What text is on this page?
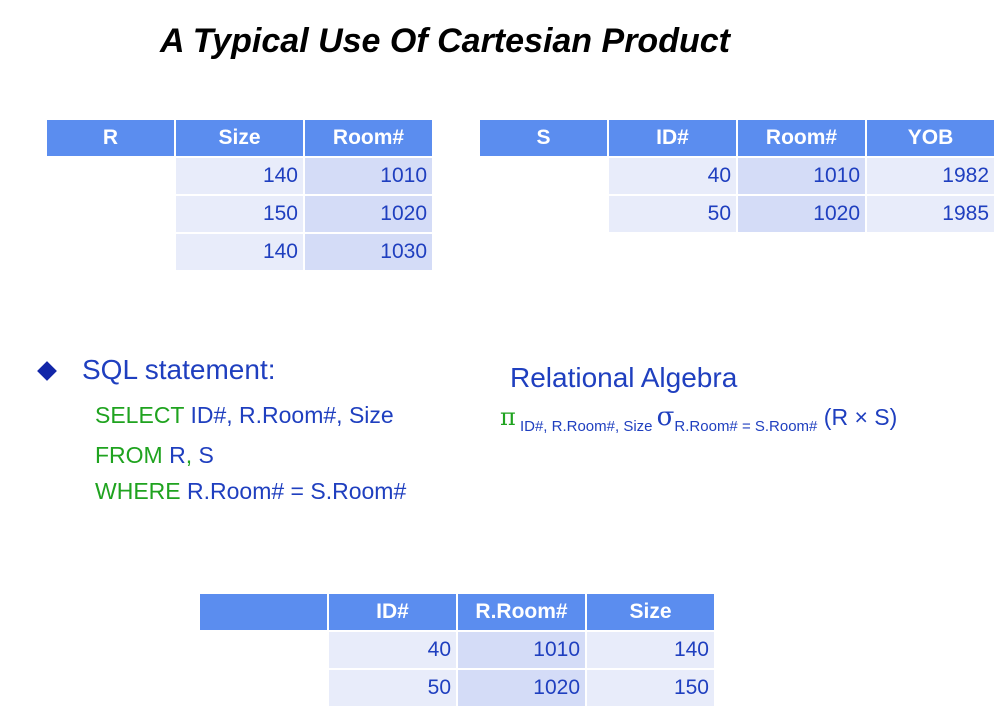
A Typical Use Of Cartesian Product
R	Size	Room#
	140	1010
	150	1020
	140	1030
S	ID#	Room#	YOB
	40	1010	1982
	50	1020	1985
SQL statement:
SELECT ID#, R.Room#, Size
FROM R, S
WHERE R.Room# = S.Room#
Relational Algebra
π $_{ID\#, R.Room\#, Size}$ $\sigma_{R.Room\# = S.Room\#}$ (R × S)
	ID#	R.Room#	Size
	40	1010	140
	50	1020	150
